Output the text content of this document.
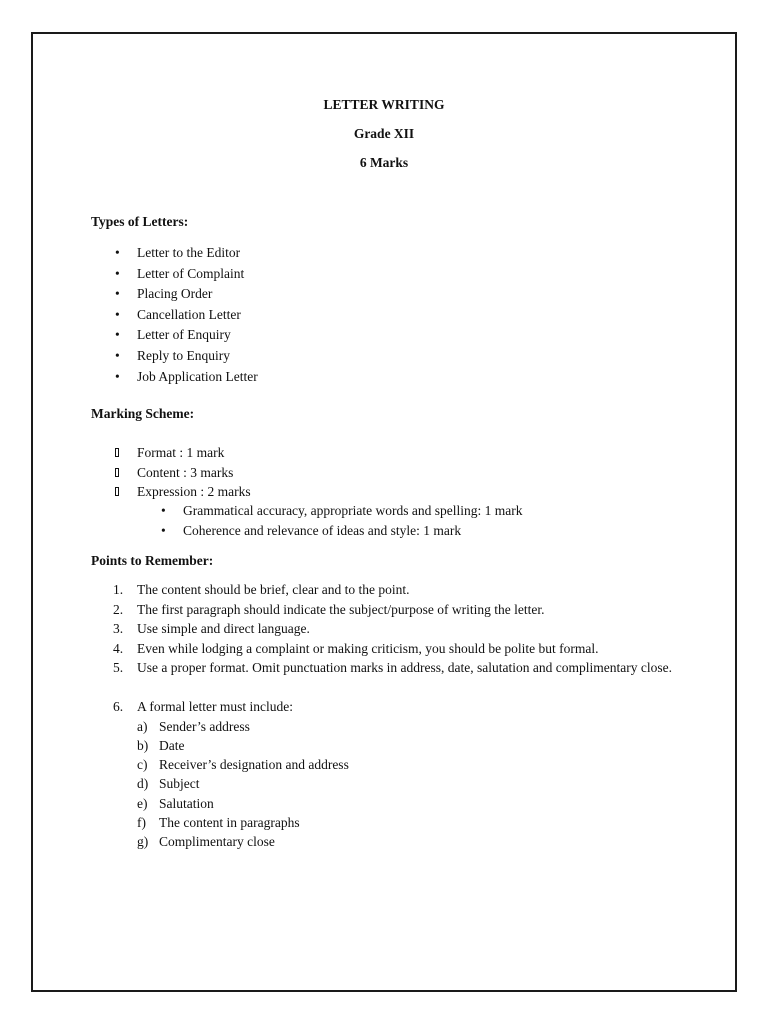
LETTER WRITING

Grade XII

6 Marks

Types of Letters:

• Letter to the Editor
• Letter of Complaint
• Placing Order
• Cancellation Letter
• Letter of Enquiry
• Reply to Enquiry
• Job Application Letter

Marking Scheme:

Format : 1 mark
Content : 3 marks
Expression : 2 marks
• Grammatical accuracy, appropriate words and spelling: 1 mark
• Coherence and relevance of ideas and style: 1 mark

Points to Remember:

1. The content should be brief, clear and to the point.
2. The first paragraph should indicate the subject/purpose of writing the letter.
3. Use simple and direct language.
4. Even while lodging a complaint or making criticism, you should be polite but formal.
5. Use a proper format. Omit punctuation marks in address, date, salutation and complimentary close.
6. A formal letter must include:
a) Sender’s address
b) Date
c) Receiver’s designation and address
d) Subject
e) Salutation
f) The content in paragraphs
g) Complimentary close
